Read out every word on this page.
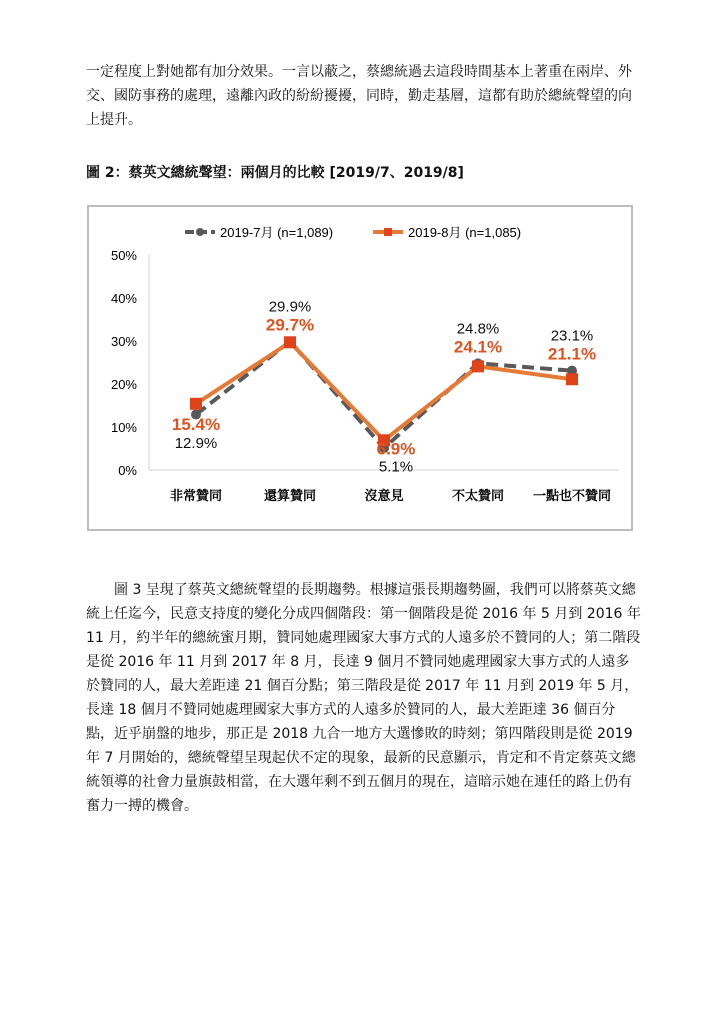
一定程度上對她都有加分效果。一言以蔽之，蔡總統過去這段時間基本上著重在兩岸、外交、國防事務的處理，遠離內政的紛紛擾擾，同時，勤走基層，這都有助於總統聲望的向上提升。

圖 2：蔡英文總統聲望：兩個月的比較 [2019/7、2019/8]
2019-7月 (n=1,089)	2019-8月 (n=1,085)
0%
10%
20%
30%
40%
50%
非常贊同	還算贊同	沒意見	不太贊同 一點也不贊同
12.9%
15.4%
29.9%
29.7%
5.1%
6.9%
24.8%
24.1%
23.1%
21.1%

圖 3 呈現了蔡英文總統聲望的長期趨勢。根據這張長期趨勢圖，我們可以將蔡英文總統上任迄今，民意支持度的變化分成四個階段：第一個階段是從 2016 年 5 月到 2016 年 11 月，約半年的總統蜜月期，贊同她處理國家大事方式的人遠多於不贊同的人；第二階段是從 2016 年 11 月到 2017 年 8 月，長達 9 個月不贊同她處理國家大事方式的人遠多於贊同的人，最大差距達 21 個百分點；第三階段是從 2017 年 11 月到 2019 年 5 月，長達 18 個月不贊同她處理國家大事方式的人遠多於贊同的人，最大差距達 36 個百分點，近乎崩盤的地步，那正是 2018 九合一地方大選慘敗的時刻；第四階段則是從 2019 年 7 月開始的，總統聲望呈現起伏不定的現象，最新的民意顯示，肯定和不肯定蔡英文總統領導的社會力量旗鼓相當，在大選年剩不到五個月的現在，這暗示她在連任的路上仍有奮力一搏的機會。
